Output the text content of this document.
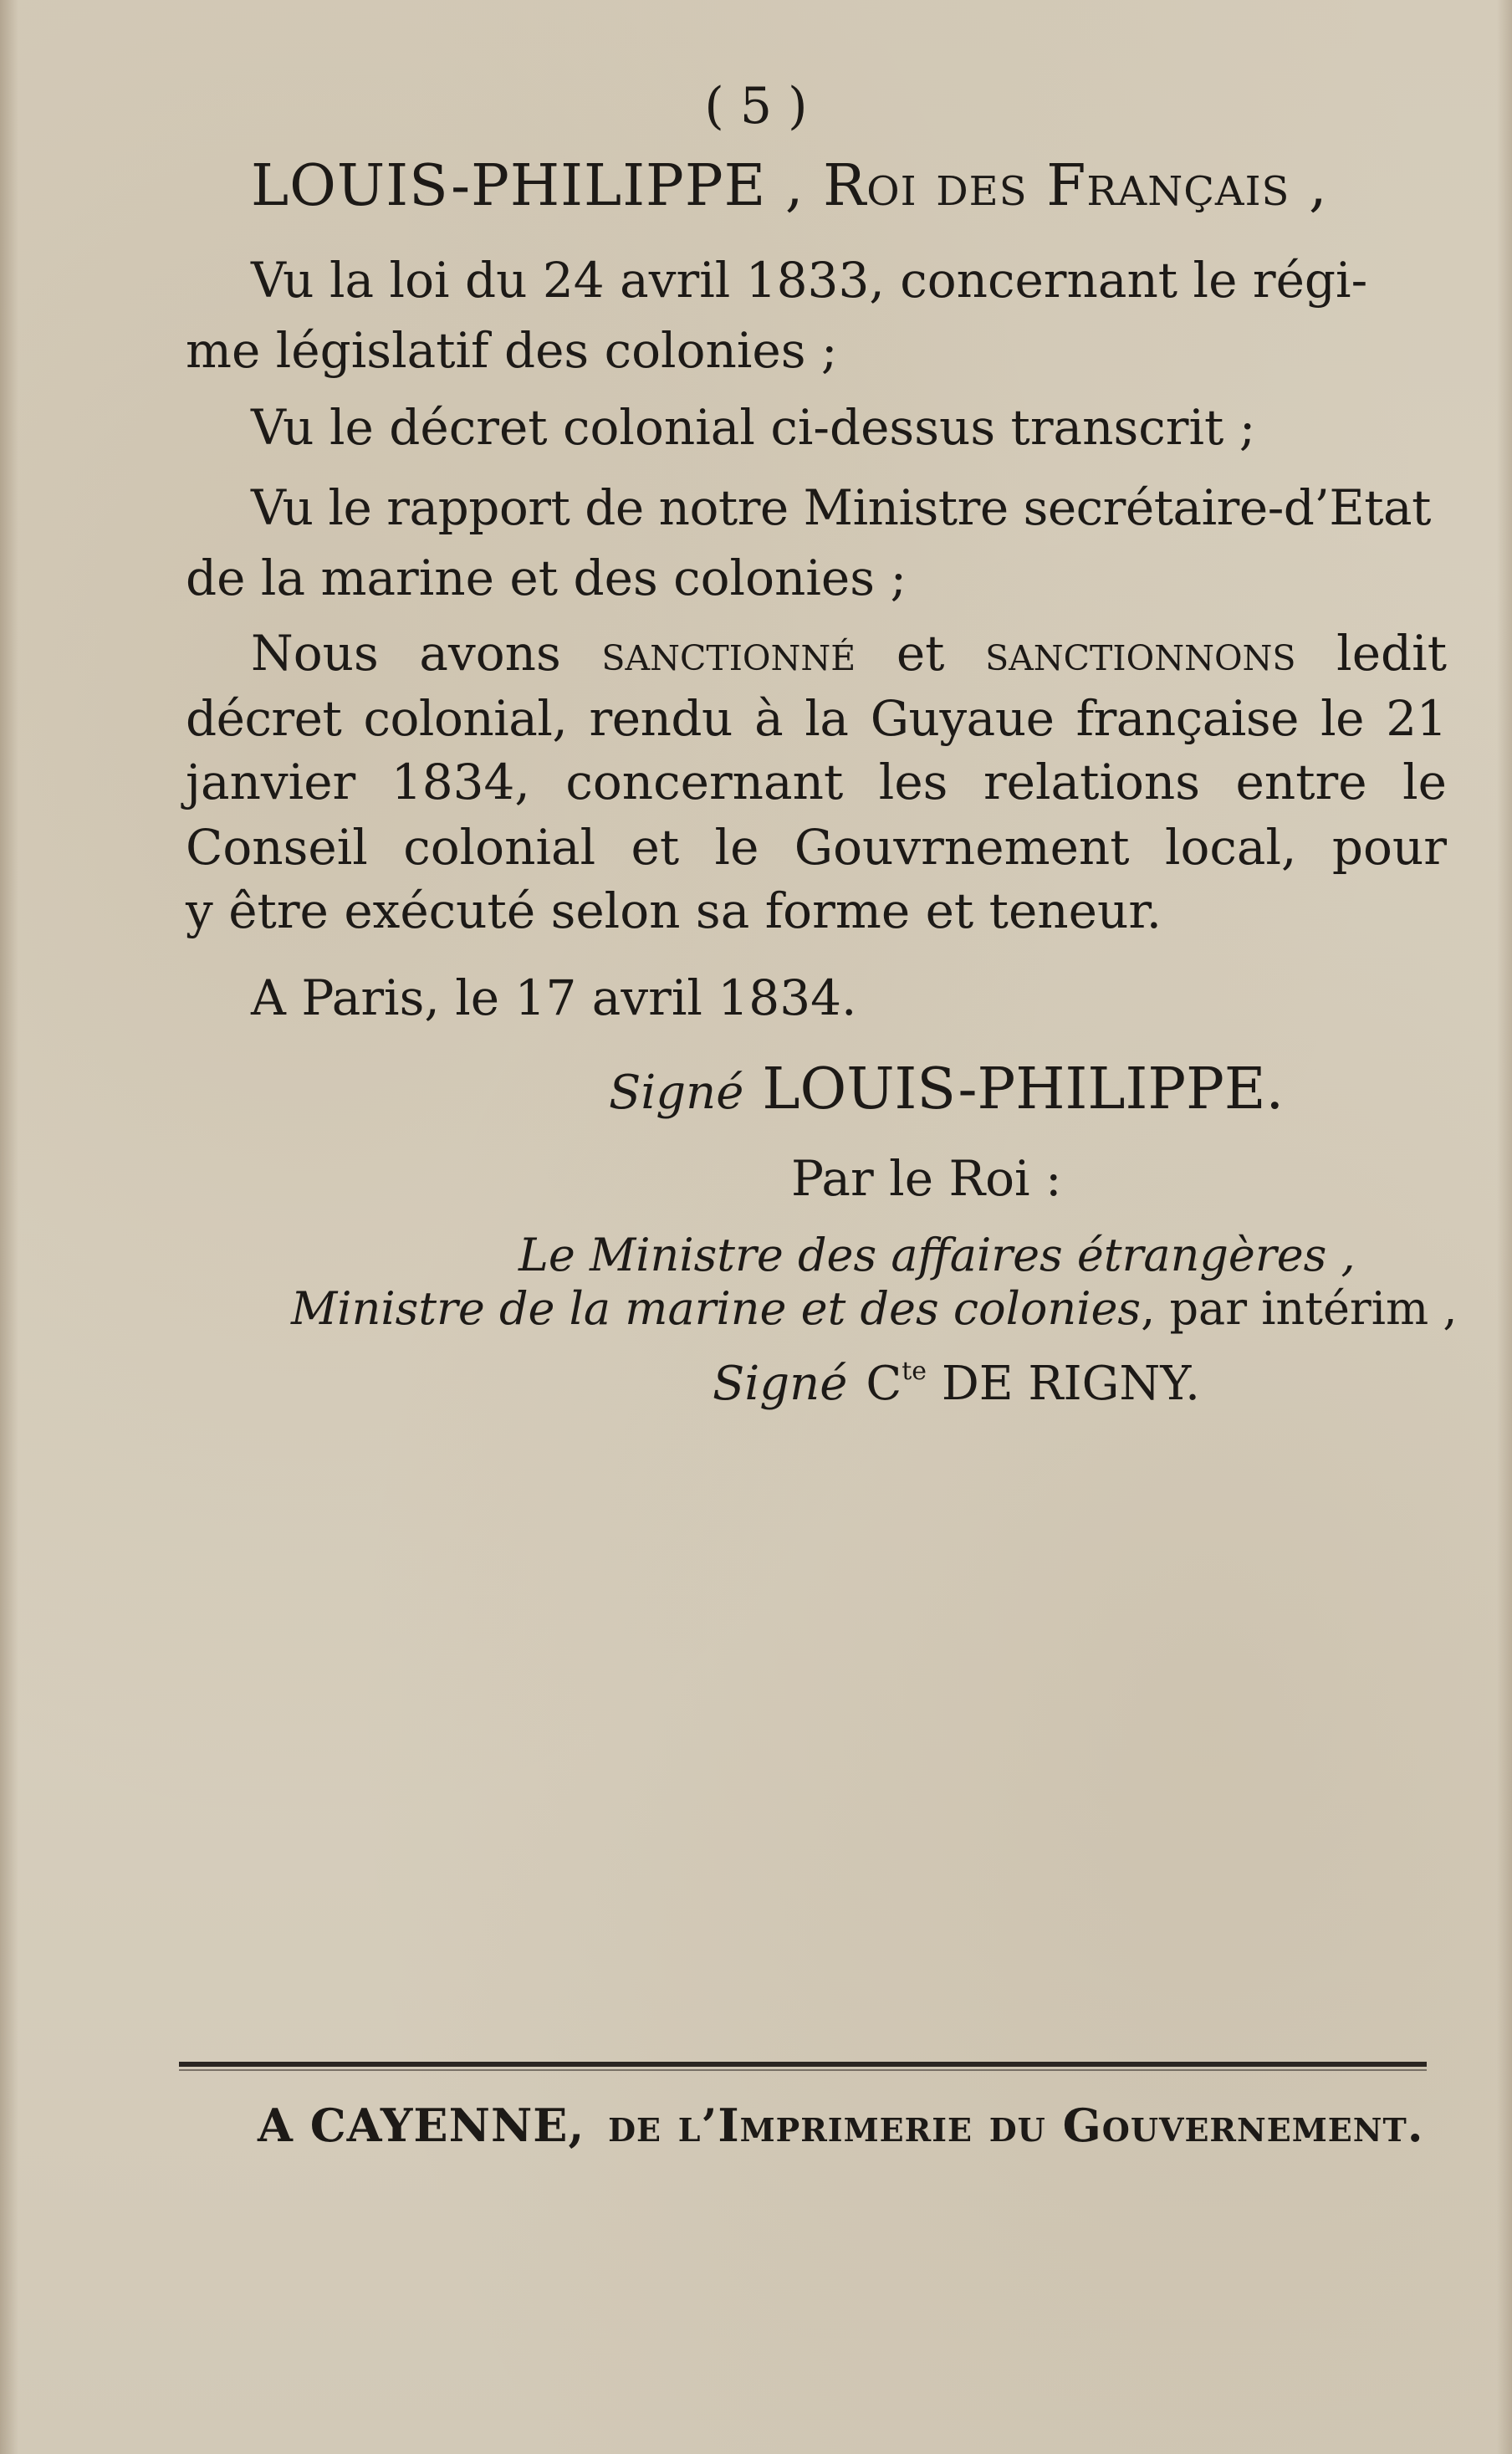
( 5 )
LOUIS-PHILIPPE , Roi des Français ,
Vu la loi du 24 avril 1833, concernant le régi-
me législatif des colonies ;
Vu le décret colonial ci-dessus transcrit ;
Vu le rapport de notre Ministre secrétaire-d’Etat
de la marine et des colonies ;
Nous avons sanctionné et sanctionnons ledit
décret colonial, rendu à la Guyaue française le 21
janvier 1834, concernant les relations entre le
Conseil colonial et le Gouvrnement local, pour
y être exécuté selon sa forme et teneur.
A Paris, le 17 avril 1834.
Signé LOUIS-PHILIPPE.
Par le Roi :
Le Ministre des affaires étrangères ,
Ministre de la marine et des colonies, par intérim ,
Signé $C^{te}$ DE RIGNY.
A CAYENNE, de l’Imprimerie du Gouvernement.
